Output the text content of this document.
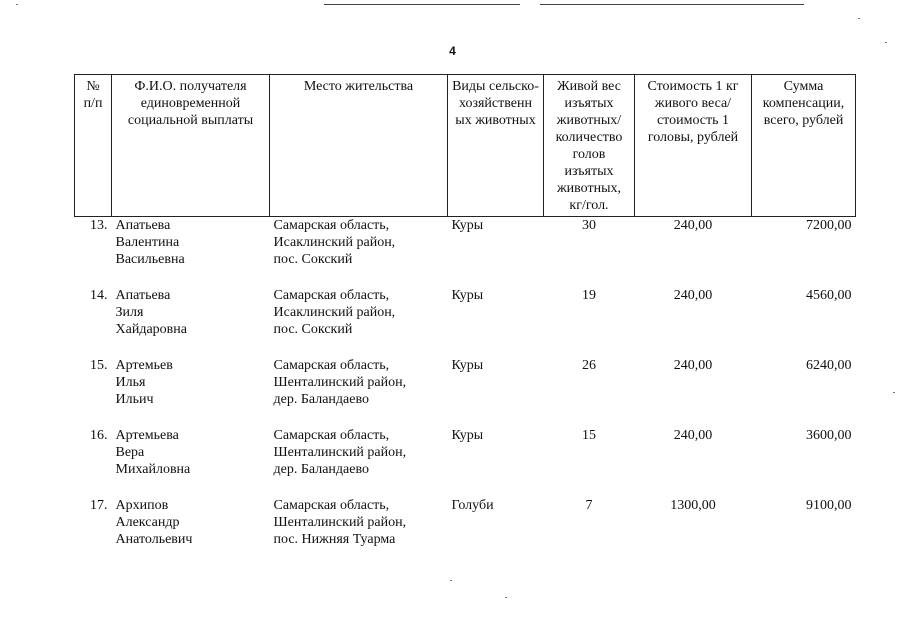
4
№ п/п	Ф.И.О. получателя единовременной социальной выплаты	Место жительства	Виды сельско-хозяйственн ых животных	Живой вес изъятых животных/ количество голов изъятых животных, кг/гол.	Стоимость 1 кг живого веса/стоимость 1 головы, рублей	Сумма компенсации, всего, рублей
13.	Апатьева
Валентина
Васильевна	Самарская область,
Исаклинский район,
пос. Сокский	Куры	30	240,00	7200,00
14.	Апатьева
Зиля
Хайдаровна	Самарская область,
Исаклинский район,
пос. Сокский	Куры	19	240,00	4560,00
15.	Артемьев
Илья
Ильич	Самарская область,
Шенталинский район,
дер. Баландаево	Куры	26	240,00	6240,00
16.	Артемьева
Вера
Михайловна	Самарская область,
Шенталинский район,
дер. Баландаево	Куры	15	240,00	3600,00
17.	Архипов
Александр
Анатольевич	Самарская область,
Шенталинский район,
пос. Нижняя Туарма	Голуби	7	1300,00	9100,00
